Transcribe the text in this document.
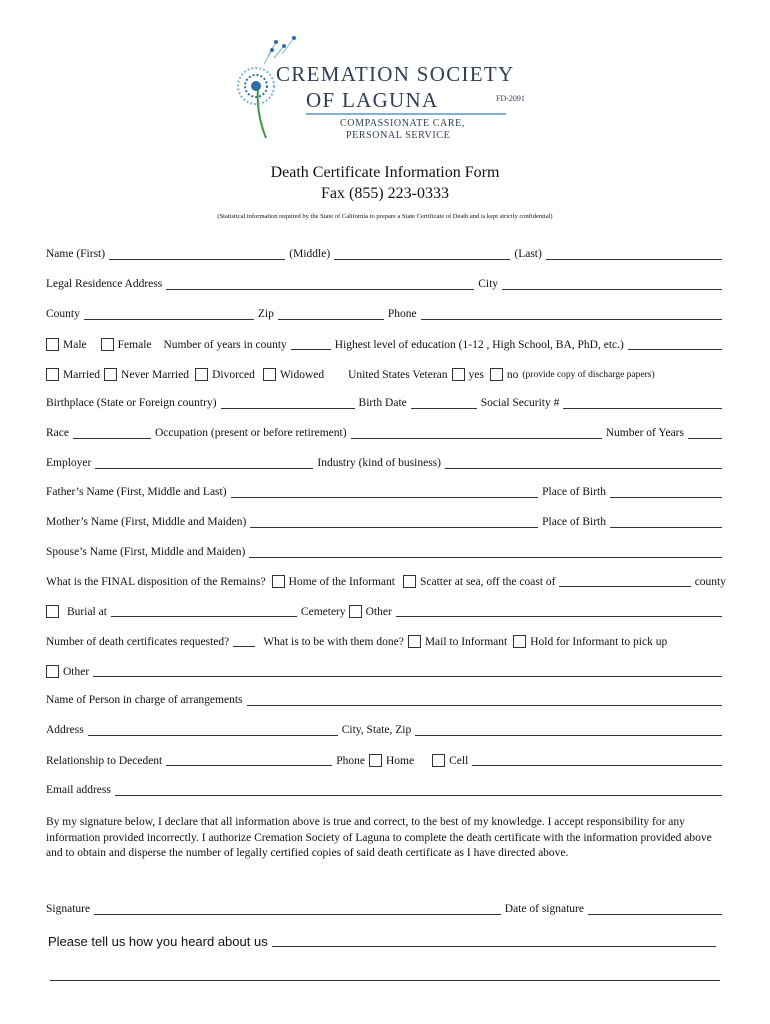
CREMATION SOCIETY
OF LAGUNA	FD-2091
COMPASSIONATE CARE,
PERSONAL SERVICE
Death Certificate Information Form
Fax (855) 223-0333
(Statistical information required by the State of California to prepare a State Certificate of Death and is kept strictly confidential)
Name (First)	(Middle)	(Last)
Legal Residence Address	City
County	Zip	Phone
Male	Female Number of years in county	Highest level of education (1-12 , High School, BA, PhD, etc.)
Married Never Married Divorced Widowed United States Veteran yes no (provide copy of discharge papers)
Birthplace (State or Foreign country)	Birth Date	Social Security #
Race	Occupation (present or before retirement)	Number of Years
Employer	Industry (kind of business)
Father’s Name (First, Middle and Last)	Place of Birth
Mother’s Name (First, Middle and Maiden)	Place of Birth
Spouse’s Name (First, Middle and Maiden)
What is the FINAL disposition of the Remains? Home of the Informant Scatter at sea, off the coast of	county
Burial at	Cemetery Other
Number of death certificates requested?	What is to be with them done? Mail to Informant Hold for Informant to pick up
Other
Name of Person in charge of arrangements
Address	City, State, Zip
Relationship to Decedent	Phone Home	Cell
Email address
By my signature below, I declare that all information above is true and correct, to the best of my knowledge. I accept responsibility for any information provided incorrectly. I authorize Cremation Society of Laguna to complete the death certificate with the information provided above and to obtain and disperse the number of legally certified copies of said death certificate as I have directed above.
Signature	Date of signature
Please tell us how you heard about us
